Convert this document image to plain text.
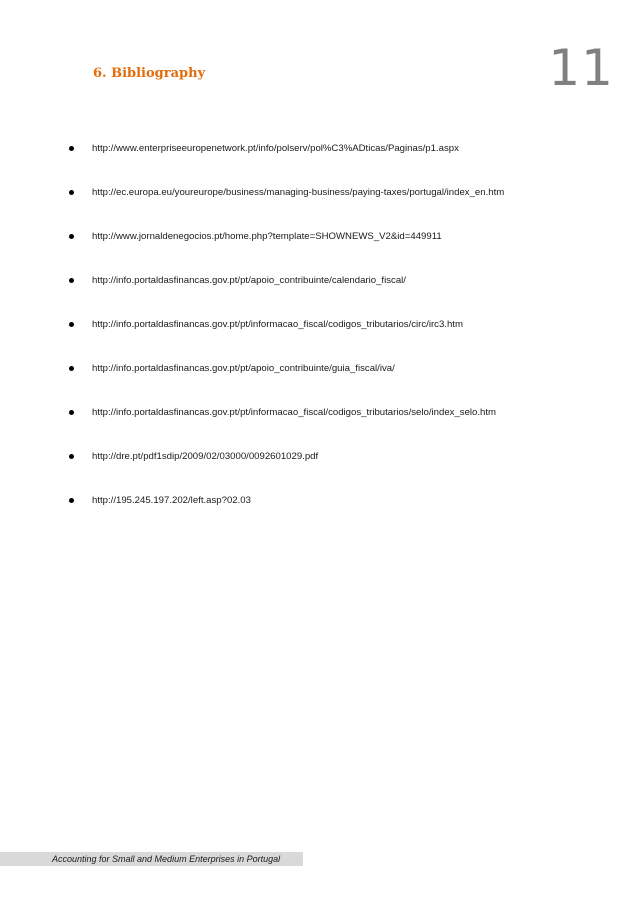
6. Bibliography	11
http://www.enterpriseeuropenetwork.pt/info/polserv/pol%C3%ADticas/Paginas/p1.aspx
http://ec.europa.eu/youreurope/business/managing-business/paying-taxes/portugal/index_en.htm
http://www.jornaldenegocios.pt/home.php?template=SHOWNEWS_V2&id=449911
http://info.portaldasfinancas.gov.pt/pt/apoio_contribuinte/calendario_fiscal/
http://info.portaldasfinancas.gov.pt/pt/informacao_fiscal/codigos_tributarios/circ/irc3.htm
http://info.portaldasfinancas.gov.pt/pt/apoio_contribuinte/guia_fiscal/iva/
http://info.portaldasfinancas.gov.pt/pt/informacao_fiscal/codigos_tributarios/selo/index_selo.htm
http://dre.pt/pdf1sdip/2009/02/03000/0092601029.pdf
http://195.245.197.202/left.asp?02.03
Accounting for Small and Medium Enterprises in Portugal
